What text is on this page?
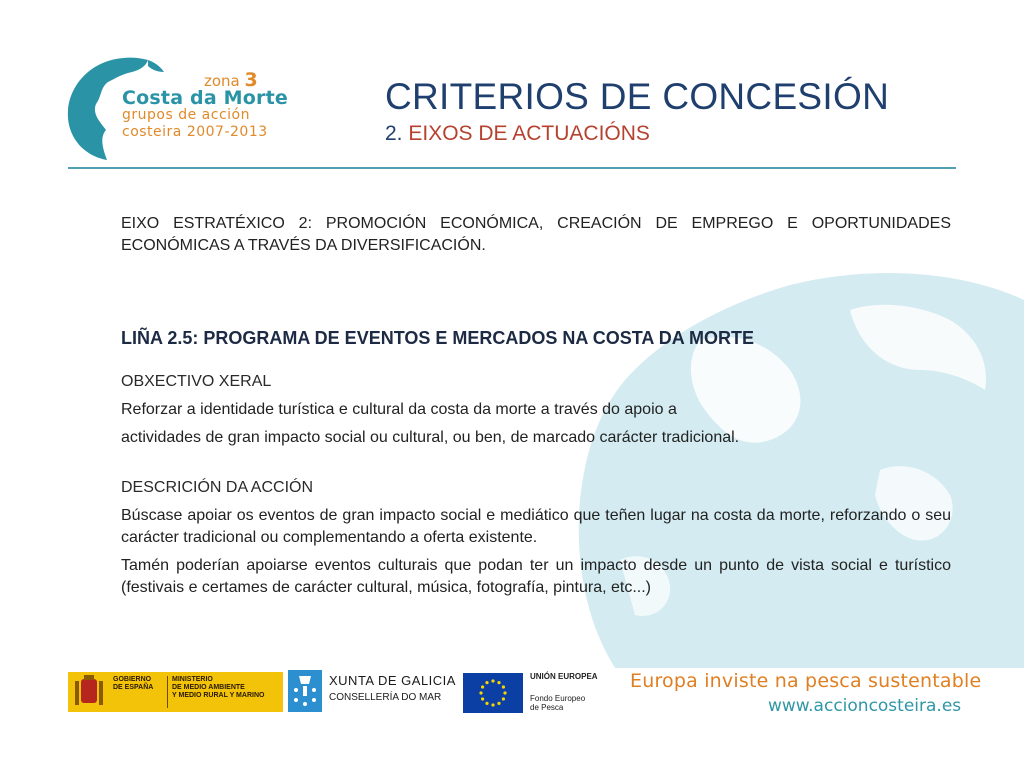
zona 3
Costa da Morte
grupos de acción
costeira 2007-2013
CRITERIOS DE CONCESIÓN
2. EIXOS DE ACTUACIÓNS

EIXO ESTRATÉXICO 2: PROMOCIÓN ECONÓMICA, CREACIÓN DE EMPREGO E OPORTUNIDADES ECONÓMICAS A TRAVÉS DA DIVERSIFICACIÓN.

LIÑA 2.5: PROGRAMA DE EVENTOS E MERCADOS NA COSTA DA MORTE

OBXECTIVO XERAL

Reforzar a identidade turística e cultural da costa da morte a través do apoio a

actividades de gran impacto social ou cultural, ou ben, de marcado carácter tradicional.

DESCRICIÓN DA ACCIÓN

Búscase apoiar os eventos de gran impacto social e mediático que teñen lugar na costa da morte, reforzando o seu carácter tradicional ou complementando a oferta existente.

Tamén poderían apoiarse eventos culturais que podan ter un impacto desde un punto de vista social e turístico (festivais e certames de carácter cultural, música, fotografía, pintura, etc...)

GOBIERNO
DE ESPAÑA
MINISTERIO
DE MEDIO AMBIENTE
Y MEDIO RURAL Y MARINO
XUNTA DE GALICIA
CONSELLERÍA DO MAR
UNIÓN EUROPEA
Fondo Europeo
de Pesca
Europa inviste na pesca sustentable
www.accioncosteira.es
